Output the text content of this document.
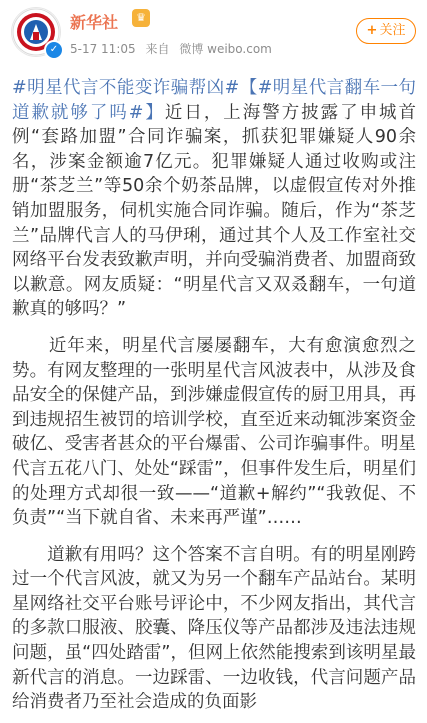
✓
新华社	♛
5-17 11:05 来自 微博 weibo.com
+ 关注

#明星代言不能变诈骗帮凶#【#明星代言翻车一句道歉就够了吗#】近日，上海警方披露了申城首例“套路加盟”合同诈骗案，抓获犯罪嫌疑人90余名，涉案金额逾7亿元。犯罪嫌疑人通过收购或注册“茶芝兰”等50余个奶茶品牌，以虚假宣传对外推销加盟服务，伺机实施合同诈骗。随后，作为“茶芝兰”品牌代言人的马伊琍，通过其个人及工作室社交网络平台发表致歉声明，并向受骗消费者、加盟商致以歉意。网友质疑：“明星代言又双叒翻车，一句道歉真的够吗？”

　　近年来，明星代言屡屡翻车，大有愈演愈烈之势。有网友整理的一张明星代言风波表中，从涉及食品安全的保健产品，到涉嫌虚假宣传的厨卫用具，再到违规招生被罚的培训学校，直至近来动辄涉案资金破亿、受害者甚众的平台爆雷、公司诈骗事件。明星代言五花八门、处处“踩雷”，但事件发生后，明星们的处理方式却很一致——“道歉+解约”“我敦促、不负责”“当下就自省、未来再严谨”……

　　道歉有用吗？这个答案不言自明。有的明星刚跨过一个代言风波，就又为另一个翻车产品站台。某明星网络社交平台账号评论中，不少网友指出，其代言的多款口服液、胶囊、降压仪等产品都涉及违法违规问题，虽“四处踏雷”，但网上依然能搜索到该明星最新代言的消息。一边踩雷、一边收钱，代言问题产品给消费者乃至社会造成的负面影
